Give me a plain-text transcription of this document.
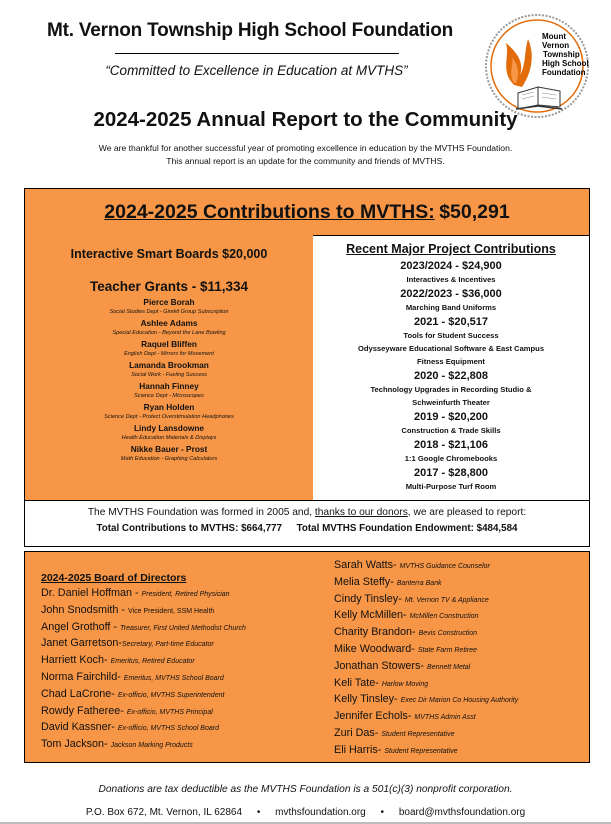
Mt. Vernon Township High School Foundation
“Committed to Excellence in Education at MVTHS”
Mount
Vernon
Township
High School
Foundation
2024-2025 Annual Report to the Community
We are thankful for another successful year of promoting excellence in education by the MVTHS Foundation.
This annual report is an update for the community and friends of MVTHS.
2024-2025 Contributions to MVTHS: $50,291
Interactive Smart Boards $20,000
Teacher Grants - $11,334
Pierce Borah
Social Studies Dept - Gimkit Group Subscription
Ashlee Adams
Special Education - Beyond the Lane Bowling
Raquel Bliffen
English Dept - Mirrors for Movement
Lamanda Brookman
Social Work - Fueling Success
Hannah Finney
Science Dept - Microscopes
Ryan Holden
Science Dept - Protect Overstimulation Headphones
Lindy Lansdowne
Health Education Materials & Displays
Nikke Bauer - Prost
Math Education - Graphing Calculators
Recent Major Project Contributions
2023/2024 - $24,900
Interactives & Incentives
2022/2023 - $36,000
Marching Band Uniforms
2021 - $20,517
Tools for Student Success
Odysseyware Educational Software & East Campus
Fitness Equipment
2020 - $22,808
Technology Upgrades in Recording Studio &
Schweinfurth Theater
2019 - $20,200
Construction & Trade Skills
2018 - $21,106
1:1 Google Chromebooks
2017 - $28,800
Multi-Purpose Turf Room
The MVTHS Foundation was formed in 2005 and, thanks to our donors, we are pleased to report:
Total Contributions to MVTHS: $664,777 Total MVTHS Foundation Endowment: $484,584
2024-2025 Board of Directors
Dr. Daniel Hoffman - President, Retired Physician
John Snodsmith - Vice President, SSM Health
Angel Grothoff - Treasurer, First United Methodist Church
Janet Garretson-Secretary, Part-time Educator
Harriett Koch- Emeritus, Retired Educator
Norma Fairchild- Emeritus, MVTHS School Board
Chad LaCrone- Ex-officio, MVTHS Superintendent
Rowdy Fatheree- Ex-officio, MVTHS Principal
David Kassner- Ex-officio, MVTHS School Board
Tom Jackson- Jackson Marking Products
Sarah Watts- MVTHS Guidance Counselor
Melia Steffy- Banterra Bank
Cindy Tinsley- Mt. Vernon TV & Appliance
Kelly McMillen- McMillen Construction
Charity Brandon- Bevis Construction
Mike Woodward- State Farm Retiree
Jonathan Stowers- Bennett Metal
Keli Tate- Harlow Moving
Kelly Tinsley- Exec Dir Marion Co Housing Authority
Jennifer Echols- MVTHS Admin Asst
Zuri Das- Student Representative
Eli Harris- Student Representative
Donations are tax deductible as the MVTHS Foundation is a 501(c)(3) nonprofit corporation.
P.O. Box 672, Mt. Vernon, IL 62864 • mvthsfoundation.org • board@mvthsfoundation.org
